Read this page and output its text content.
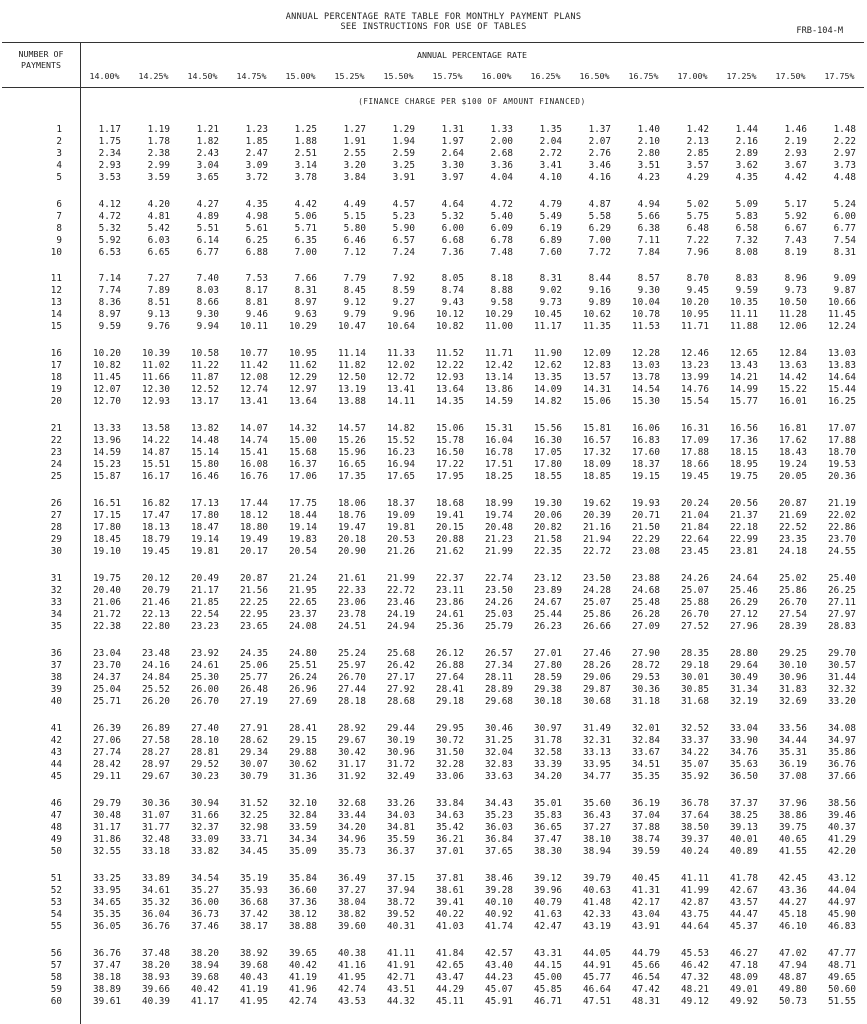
ANNUAL PERCENTAGE RATE TABLE FOR MONTHLY PAYMENT PLANS
SEE INSTRUCTIONS FOR USE OF TABLES	FRB-104-M
NUMBER OF PAYMENTS
ANNUAL PERCENTAGE RATE
14.00%	14.25%	14.50%	14.75%	15.00%	15.25%	15.50%	15.75%	16.00%	16.25%	16.50%	16.75%	17.00%	17.25%	17.50%	17.75%
(FINANCE CHARGE PER $100 OF AMOUNT FINANCED)
1	1.17	1.19	1.21	1.23	1.25	1.27	1.29	1.31	1.33	1.35	1.37	1.40	1.42	1.44	1.46	1.48
2	1.75	1.78	1.82	1.85	1.88	1.91	1.94	1.97	2.00	2.04	2.07	2.10	2.13	2.16	2.19	2.22
3	2.34	2.38	2.43	2.47	2.51	2.55	2.59	2.64	2.68	2.72	2.76	2.80	2.85	2.89	2.93	2.97
4	2.93	2.99	3.04	3.09	3.14	3.20	3.25	3.30	3.36	3.41	3.46	3.51	3.57	3.62	3.67	3.73
5	3.53	3.59	3.65	3.72	3.78	3.84	3.91	3.97	4.04	4.10	4.16	4.23	4.29	4.35	4.42	4.48
6	4.12	4.20	4.27	4.35	4.42	4.49	4.57	4.64	4.72	4.79	4.87	4.94	5.02	5.09	5.17	5.24
7	4.72	4.81	4.89	4.98	5.06	5.15	5.23	5.32	5.40	5.49	5.58	5.66	5.75	5.83	5.92	6.00
8	5.32	5.42	5.51	5.61	5.71	5.80	5.90	6.00	6.09	6.19	6.29	6.38	6.48	6.58	6.67	6.77
9	5.92	6.03	6.14	6.25	6.35	6.46	6.57	6.68	6.78	6.89	7.00	7.11	7.22	7.32	7.43	7.54
10	6.53	6.65	6.77	6.88	7.00	7.12	7.24	7.36	7.48	7.60	7.72	7.84	7.96	8.08	8.19	8.31
11	7.14	7.27	7.40	7.53	7.66	7.79	7.92	8.05	8.18	8.31	8.44	8.57	8.70	8.83	8.96	9.09
12	7.74	7.89	8.03	8.17	8.31	8.45	8.59	8.74	8.88	9.02	9.16	9.30	9.45	9.59	9.73	9.87
13	8.36	8.51	8.66	8.81	8.97	9.12	9.27	9.43	9.58	9.73	9.89	10.04	10.20	10.35	10.50	10.66
14	8.97	9.13	9.30	9.46	9.63	9.79	9.96	10.12	10.29	10.45	10.62	10.78	10.95	11.11	11.28	11.45
15	9.59	9.76	9.94	10.11	10.29	10.47	10.64	10.82	11.00	11.17	11.35	11.53	11.71	11.88	12.06	12.24
16	10.20	10.39	10.58	10.77	10.95	11.14	11.33	11.52	11.71	11.90	12.09	12.28	12.46	12.65	12.84	13.03
17	10.82	11.02	11.22	11.42	11.62	11.82	12.02	12.22	12.42	12.62	12.83	13.03	13.23	13.43	13.63	13.83
18	11.45	11.66	11.87	12.08	12.29	12.50	12.72	12.93	13.14	13.35	13.57	13.78	13.99	14.21	14.42	14.64
19	12.07	12.30	12.52	12.74	12.97	13.19	13.41	13.64	13.86	14.09	14.31	14.54	14.76	14.99	15.22	15.44
20	12.70	12.93	13.17	13.41	13.64	13.88	14.11	14.35	14.59	14.82	15.06	15.30	15.54	15.77	16.01	16.25
21	13.33	13.58	13.82	14.07	14.32	14.57	14.82	15.06	15.31	15.56	15.81	16.06	16.31	16.56	16.81	17.07
22	13.96	14.22	14.48	14.74	15.00	15.26	15.52	15.78	16.04	16.30	16.57	16.83	17.09	17.36	17.62	17.88
23	14.59	14.87	15.14	15.41	15.68	15.96	16.23	16.50	16.78	17.05	17.32	17.60	17.88	18.15	18.43	18.70
24	15.23	15.51	15.80	16.08	16.37	16.65	16.94	17.22	17.51	17.80	18.09	18.37	18.66	18.95	19.24	19.53
25	15.87	16.17	16.46	16.76	17.06	17.35	17.65	17.95	18.25	18.55	18.85	19.15	19.45	19.75	20.05	20.36
26	16.51	16.82	17.13	17.44	17.75	18.06	18.37	18.68	18.99	19.30	19.62	19.93	20.24	20.56	20.87	21.19
27	17.15	17.47	17.80	18.12	18.44	18.76	19.09	19.41	19.74	20.06	20.39	20.71	21.04	21.37	21.69	22.02
28	17.80	18.13	18.47	18.80	19.14	19.47	19.81	20.15	20.48	20.82	21.16	21.50	21.84	22.18	22.52	22.86
29	18.45	18.79	19.14	19.49	19.83	20.18	20.53	20.88	21.23	21.58	21.94	22.29	22.64	22.99	23.35	23.70
30	19.10	19.45	19.81	20.17	20.54	20.90	21.26	21.62	21.99	22.35	22.72	23.08	23.45	23.81	24.18	24.55
31	19.75	20.12	20.49	20.87	21.24	21.61	21.99	22.37	22.74	23.12	23.50	23.88	24.26	24.64	25.02	25.40
32	20.40	20.79	21.17	21.56	21.95	22.33	22.72	23.11	23.50	23.89	24.28	24.68	25.07	25.46	25.86	26.25
33	21.06	21.46	21.85	22.25	22.65	23.06	23.46	23.86	24.26	24.67	25.07	25.48	25.88	26.29	26.70	27.11
34	21.72	22.13	22.54	22.95	23.37	23.78	24.19	24.61	25.03	25.44	25.86	26.28	26.70	27.12	27.54	27.97
35	22.38	22.80	23.23	23.65	24.08	24.51	24.94	25.36	25.79	26.23	26.66	27.09	27.52	27.96	28.39	28.83
36	23.04	23.48	23.92	24.35	24.80	25.24	25.68	26.12	26.57	27.01	27.46	27.90	28.35	28.80	29.25	29.70
37	23.70	24.16	24.61	25.06	25.51	25.97	26.42	26.88	27.34	27.80	28.26	28.72	29.18	29.64	30.10	30.57
38	24.37	24.84	25.30	25.77	26.24	26.70	27.17	27.64	28.11	28.59	29.06	29.53	30.01	30.49	30.96	31.44
39	25.04	25.52	26.00	26.48	26.96	27.44	27.92	28.41	28.89	29.38	29.87	30.36	30.85	31.34	31.83	32.32
40	25.71	26.20	26.70	27.19	27.69	28.18	28.68	29.18	29.68	30.18	30.68	31.18	31.68	32.19	32.69	33.20
41	26.39	26.89	27.40	27.91	28.41	28.92	29.44	29.95	30.46	30.97	31.49	32.01	32.52	33.04	33.56	34.08
42	27.06	27.58	28.10	28.62	29.15	29.67	30.19	30.72	31.25	31.78	32.31	32.84	33.37	33.90	34.44	34.97
43	27.74	28.27	28.81	29.34	29.88	30.42	30.96	31.50	32.04	32.58	33.13	33.67	34.22	34.76	35.31	35.86
44	28.42	28.97	29.52	30.07	30.62	31.17	31.72	32.28	32.83	33.39	33.95	34.51	35.07	35.63	36.19	36.76
45	29.11	29.67	30.23	30.79	31.36	31.92	32.49	33.06	33.63	34.20	34.77	35.35	35.92	36.50	37.08	37.66
46	29.79	30.36	30.94	31.52	32.10	32.68	33.26	33.84	34.43	35.01	35.60	36.19	36.78	37.37	37.96	38.56
47	30.48	31.07	31.66	32.25	32.84	33.44	34.03	34.63	35.23	35.83	36.43	37.04	37.64	38.25	38.86	39.46
48	31.17	31.77	32.37	32.98	33.59	34.20	34.81	35.42	36.03	36.65	37.27	37.88	38.50	39.13	39.75	40.37
49	31.86	32.48	33.09	33.71	34.34	34.96	35.59	36.21	36.84	37.47	38.10	38.74	39.37	40.01	40.65	41.29
50	32.55	33.18	33.82	34.45	35.09	35.73	36.37	37.01	37.65	38.30	38.94	39.59	40.24	40.89	41.55	42.20
51	33.25	33.89	34.54	35.19	35.84	36.49	37.15	37.81	38.46	39.12	39.79	40.45	41.11	41.78	42.45	43.12
52	33.95	34.61	35.27	35.93	36.60	37.27	37.94	38.61	39.28	39.96	40.63	41.31	41.99	42.67	43.36	44.04
53	34.65	35.32	36.00	36.68	37.36	38.04	38.72	39.41	40.10	40.79	41.48	42.17	42.87	43.57	44.27	44.97
54	35.35	36.04	36.73	37.42	38.12	38.82	39.52	40.22	40.92	41.63	42.33	43.04	43.75	44.47	45.18	45.90
55	36.05	36.76	37.46	38.17	38.88	39.60	40.31	41.03	41.74	42.47	43.19	43.91	44.64	45.37	46.10	46.83
56	36.76	37.48	38.20	38.92	39.65	40.38	41.11	41.84	42.57	43.31	44.05	44.79	45.53	46.27	47.02	47.77
57	37.47	38.20	38.94	39.68	40.42	41.16	41.91	42.65	43.40	44.15	44.91	45.66	46.42	47.18	47.94	48.71
58	38.18	38.93	39.68	40.43	41.19	41.95	42.71	43.47	44.23	45.00	45.77	46.54	47.32	48.09	48.87	49.65
59	38.89	39.66	40.42	41.19	41.96	42.74	43.51	44.29	45.07	45.85	46.64	47.42	48.21	49.01	49.80	50.60
60	39.61	40.39	41.17	41.95	42.74	43.53	44.32	45.11	45.91	46.71	47.51	48.31	49.12	49.92	50.73	51.55
